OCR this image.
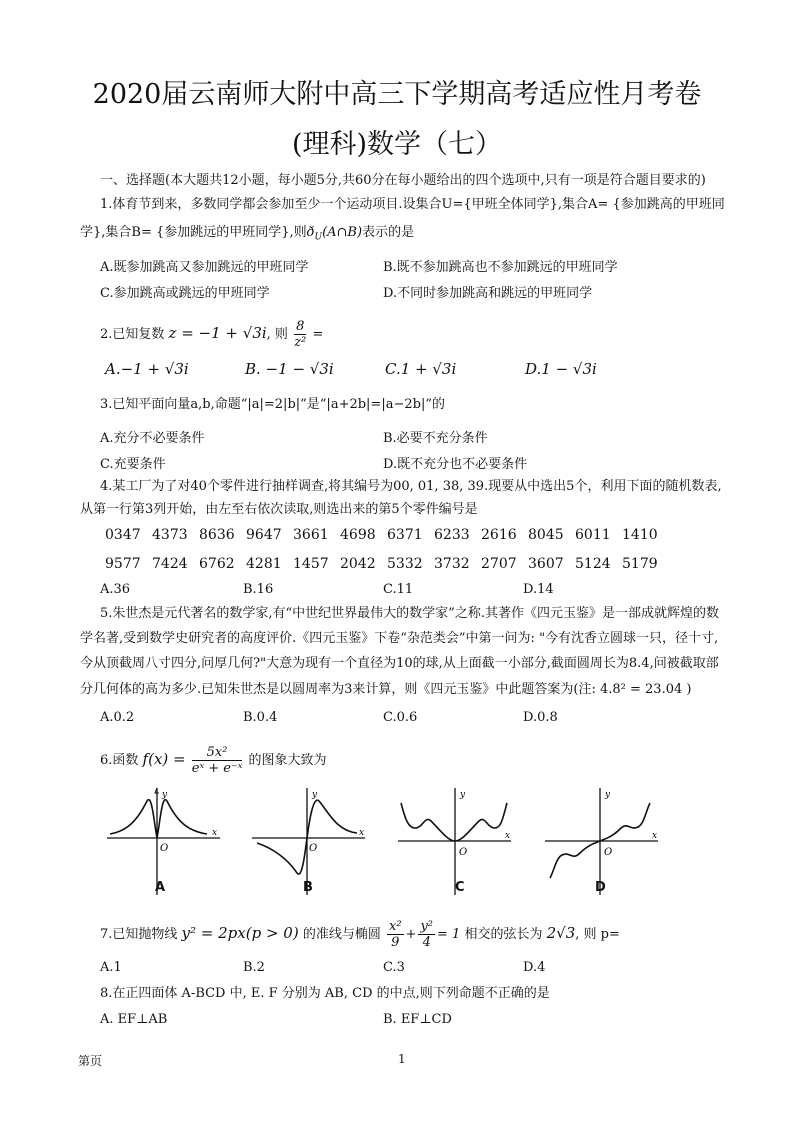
2020届云南师大附中高三下学期高考适应性月考卷
(理科)数学（七）
一、选择题(本大题共12小题，每小题5分,共60分在每小题给出的四个选项中,只有一项是符合题目要求的)
1.体育节到来，多数同学都会参加至少一个运动项目.设集合U={甲班全体同学},集合A= {参加跳高的甲班同
学},集合B= {参加跳远的甲班同学},则$ð_U(A\cap B)$表示的是
A.既参加跳高又参加跳远的甲班同学	B.既不参加跳高也不参加跳远的甲班同学
C.参加跳高或跳远的甲班同学	D.不同时参加跳高和跳远的甲班同学
2.已知复数 z = −1 + √3i, 则 $\frac{8}{\text{z²}}$ =
A.−1 + √3i	B. −1 − √3i	C.1 + √3i	D.1 − √3i
3.已知平面向量a,b,命题“|a|=2|b|”是“|a+2b|=|a−2b|”的
A.充分不必要条件	B.必要不充分条件
C.充要条件	D.既不充分也不必要条件
4.某工厂为了对40个零件进行抽样调查,将其编号为00, 01, 38, 39.现要从中选出5个，利用下面的随机数表,
从第一行第3列开始，由左至右依次读取,则选出来的第5个零件编号是
0347 4373 8636 9647 3661 4698 6371 6233 2616 8045 6011 1410
9577 7424 6762 4281 1457 2042 5332 3732 2707 3607 5124 5179
A.36	B.16	C.11	D.14
5.朱世杰是元代著名的数学家,有“中世纪世界最伟大的数学家”之称.其著作《四元玉鉴》是一部成就辉煌的数
学名著,受到数学史研究者的高度评价.《四元玉鉴》下卷“杂范类会”中第一问为: "今有沈香立圆球一只，径十寸,
今从顶截周八寸四分,问厚几何?"大意为现有一个直径为10的球,从上面截一小部分,截面圆周长为8.4,问被截取部
分几何体的高为多少.已知朱世杰是以圆周率为3来计算，则《四元玉鉴》中此题答案为(注: 4.8² = 23.04 )
A.0.2	B.0.4	C.0.6	D.0.8
6.函数 $f(x) = \frac{\text{5x²}}{\text{eˣ + e⁻ˣ}}$ 的图象大致为
y
x
O
A
y
x
O
B
y
x
O
C
y
x
O
D
7.已知抛物线 y² = 2px(p > 0) 的准线与椭圆 $\frac{\text{x²}}{9} + \frac{\text{y²}}{4} = 1$ 相交的弦长为 2√3, 则 p=
A.1	B.2	C.3	D.4
8.在正四面体 A-BCD 中, E. F 分别为 AB, CD 的中点,则下列命题不正确的是
A. EF⊥AB	B. EF⊥CD
第页	1
